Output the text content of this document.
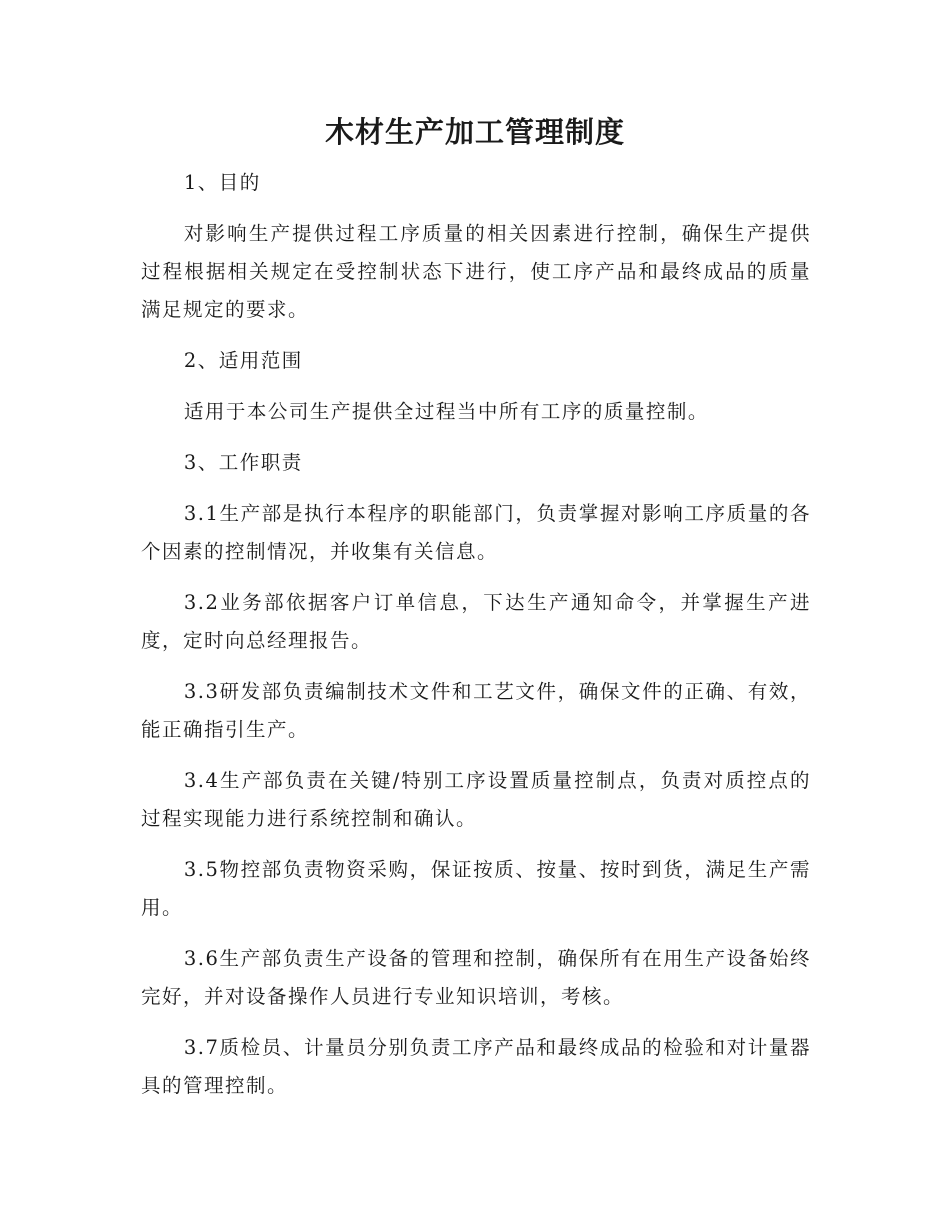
木材生产加工管理制度
1、目的
对影响生产提供过程工序质量的相关因素进行控制，确保生产提供过程根据相关规定在受控制状态下进行，使工序产品和最终成品的质量满足规定的要求。
2、适用范围
适用于本公司生产提供全过程当中所有工序的质量控制。
3、工作职责
3.1生产部是执行本程序的职能部门，负责掌握对影响工序质量的各个因素的控制情况，并收集有关信息。
3.2业务部依据客户订单信息，下达生产通知命令，并掌握生产进度，定时向总经理报告。
3.3研发部负责编制技术文件和工艺文件，确保文件的正确、有效，能正确指引生产。
3.4生产部负责在关键/特别工序设置质量控制点，负责对质控点的过程实现能力进行系统控制和确认。
3.5物控部负责物资采购，保证按质、按量、按时到货，满足生产需用。
3.6生产部负责生产设备的管理和控制，确保所有在用生产设备始终完好，并对设备操作人员进行专业知识培训，考核。
3.7质检员、计量员分别负责工序产品和最终成品的检验和对计量器具的管理控制。
